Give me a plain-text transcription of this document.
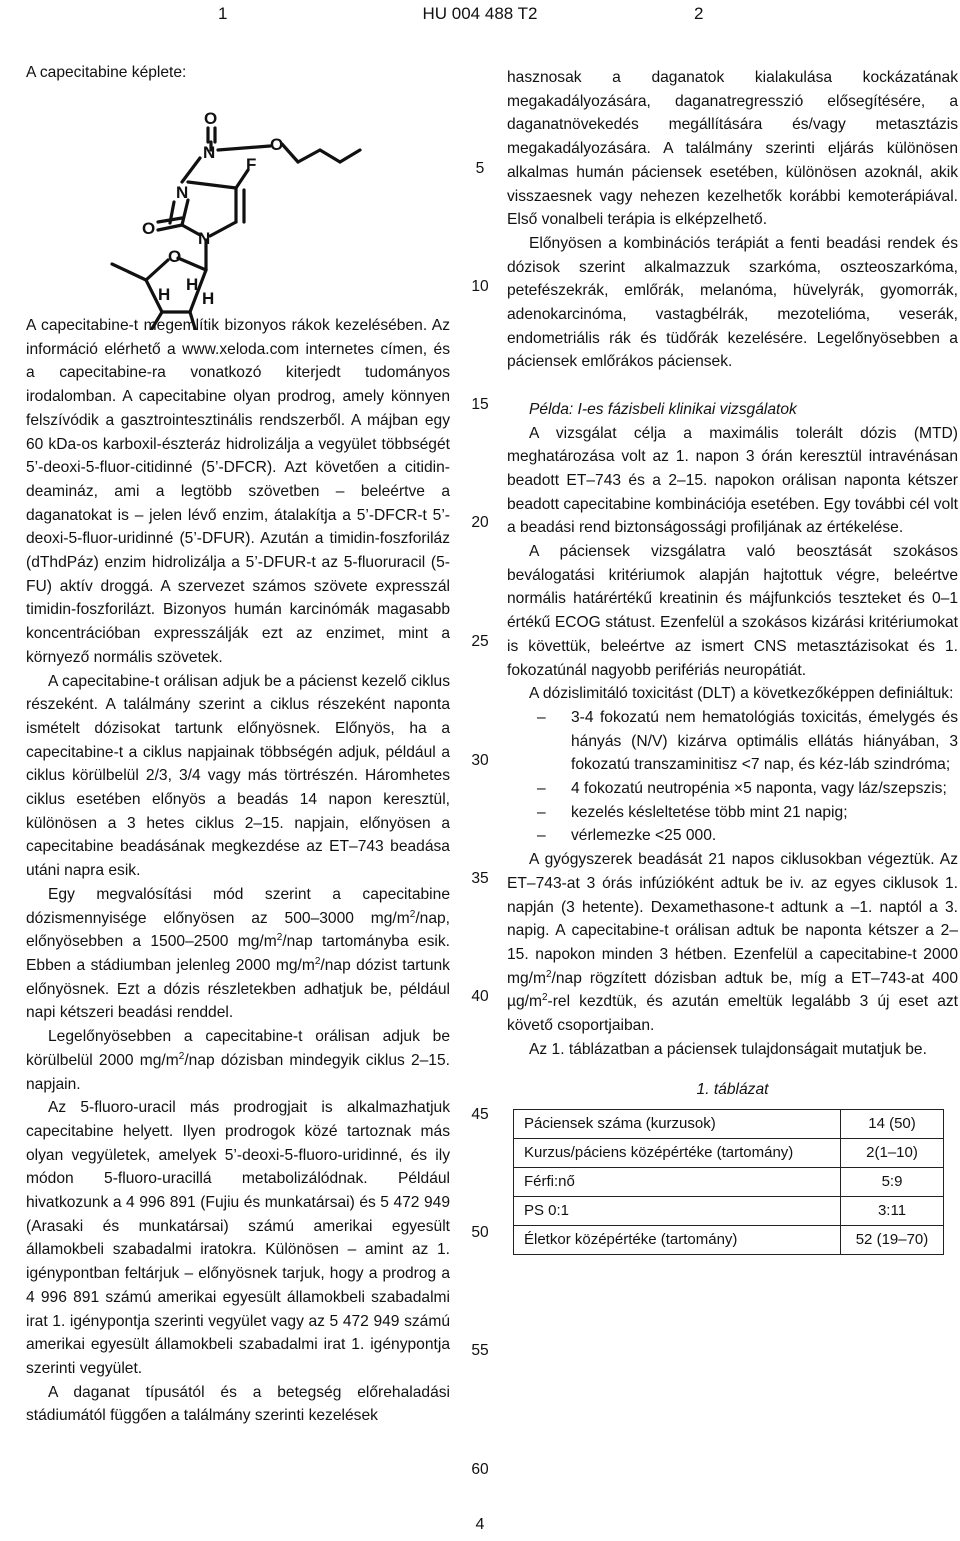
1	HU 004 488 T2	2
A capecitabine képlete:
O
N	O
F
N
O
N
O
H
H
H

A capecitabine-t megemlítik bizonyos rákok kezelésében. Az információ elérhető a www.xeloda.com internetes címen, és a capecitabine-ra vonatkozó kiterjedt tudományos irodalomban. A capecitabine olyan prodrog, amely könnyen felszívódik a gasztrointesztinális rendszerből. A májban egy 60 kDa-os karboxil-észteráz hidrolizálja a vegyület többségét 5’-deoxi-5-fluor-citidinné (5’-DFCR). Azt követően a citidin-deamináz, ami a legtöbb szövetben – beleértve a daganatokat is – jelen lévő enzim, átalakítja a 5’-DFCR-t 5’-deoxi-5-fluor-uridinné (5’-DFUR). Azután a timidin-foszforiláz (dThdPáz) enzim hidrolizálja a 5’-DFUR-t az 5-fluoruracil (5-FU) aktív droggá. A szervezet számos szövete expresszál timidin-foszforilázt. Bizonyos humán karcinómák magasabb koncentrációban expresszálják ezt az enzimet, mint a környező normális szövetek.

A capecitabine-t orálisan adjuk be a pácienst kezelő ciklus részeként. A találmány szerint a ciklus részeként naponta ismételt dózisokat tartunk előnyösnek. Előnyös, ha a capecitabine-t a ciklus napjainak többségén adjuk, például a ciklus körülbelül 2/3, 3/4 vagy más törtrészén. Háromhetes ciklus esetében előnyös a beadás 14 napon keresztül, különösen a 3 hetes ciklus 2–15. napjain, előnyösen a capecitabine beadásának megkezdése az ET–743 beadása utáni napra esik.

Egy megvalósítási mód szerint a capecitabine dózismennyisége előnyösen az 500–3000 $mg/m^2$/nap, előnyösebben a 1500–2500 $mg/m^2$/nap tartományba esik. Ebben a stádiumban jelenleg 2000 $mg/m^2$/nap dózist tartunk előnyösnek. Ezt a dózis részletekben adhatjuk be, például napi kétszeri beadási renddel.

Legelőnyösebben a capecitabine-t orálisan adjuk be körülbelül 2000 $mg/m^2$/nap dózisban mindegyik ciklus 2–15. napjain.

Az 5-fluoro-uracil más prodrogjait is alkalmazhatjuk capecitabine helyett. Ilyen prodrogok közé tartoznak más olyan vegyületek, amelyek 5’-deoxi-5-fluoro-uridinné, és ily módon 5-fluoro-uracillá metabolizálódnak. Például hivatkozunk a 4 996 891 (Fujiu és munkatársai) és 5 472 949 (Arasaki és munkatársai) számú amerikai egyesült államokbeli szabadalmi iratokra. Különösen – amint az 1. igénypontban feltárjuk – előnyösnek tarjuk, hogy a prodrog a 4 996 891 számú amerikai egyesült államokbeli szabadalmi irat 1. igénypontja szerinti vegyület vagy az 5 472 949 számú amerikai egyesült államokbeli szabadalmi irat 1. igénypontja szerinti vegyület.

A daganat típusától és a betegség előrehaladási stádiumától függően a találmány szerinti kezelések

5
10
15
20
25
30
35
40
45
50
55
60

hasznosak a daganatok kialakulása kockázatának megakadályozására, daganatregresszió elősegítésére, a daganatnövekedés megállítására és/vagy metasztázis megakadályozására. A találmány szerinti eljárás különösen alkalmas humán páciensek esetében, különösen azoknál, akik visszaesnek vagy nehezen kezelhetők korábbi kemoterápiával. Első vonalbeli terápia is elképzelhető.

Előnyösen a kombinációs terápiát a fenti beadási rendek és dózisok szerint alkalmazzuk szarkóma, oszteoszarkóma, petefészekrák, emlőrák, melanóma, hüvelyrák, gyomorrák, adenokarcinóma, vastagbélrák, mezotelióma, veserák, endometriális rák és tüdőrák kezelésére. Legelőnyösebben a páciensek emlőrákos páciensek.

Példa: I-es fázisbeli klinikai vizsgálatok

A vizsgálat célja a maximális tolerált dózis (MTD) meghatározása volt az 1. napon 3 órán keresztül intravénásan beadott ET–743 és a 2–15. napokon orálisan naponta kétszer beadott capecitabine kombinációja esetében. Egy további cél volt a beadási rend biztonságossági profiljának az értékelése.

A páciensek vizsgálatra való beosztását szokásos beválogatási kritériumok alapján hajtottuk végre, beleértve normális határértékű kreatinin és májfunkciós teszteket és 0–1 értékű ECOG státust. Ezenfelül a szokásos kizárási kritériumokat is követtük, beleértve az ismert CNS metasztázisokat és 1. fokozatúnál nagyobb perifériás neuropátiát.

A dózislimitáló toxicitást (DLT) a következőképpen definiáltuk:

–	3-4 fokozatú nem hematológiás toxicitás, émelygés és hányás (N/V) kizárva optimális ellátás hiányában, 3 fokozatú transzaminitisz <7 nap, és kéz-láb szindróma;
–	4 fokozatú neutropénia ×5 naponta, vagy láz/szepszis;
–	kezelés késleltetése több mint 21 napig;
–	vérlemezke <25 000.

A gyógyszerek beadását 21 napos ciklusokban végeztük. Az ET–743-at 3 órás infúzióként adtuk be iv. az egyes ciklusok 1. napján (3 hetente). Dexamethasone-t adtunk a –1. naptól a 3. napig. A capecitabine-t orálisan adtuk be naponta kétszer a 2–15. napokon minden 3 hétben. Ezenfelül a capecitabine-t 2000 $mg/m^2$/nap rögzített dózisban adtuk be, míg a ET–743-at 400 $\mu g/m^2$-rel kezdtük, és azután emeltük legalább 3 új eset azt követő csoportjaiban.

Az 1. táblázatban a páciensek tulajdonságait mutatjuk be.

1. táblázat

Páciensek száma (kurzusok)	14 (50)
Kurzus/páciens középértéke (tartomány)	2(1–10)
Férfi:nő	5:9
PS 0:1	3:11
Életkor középértéke (tartomány)	52 (19–70)
4
